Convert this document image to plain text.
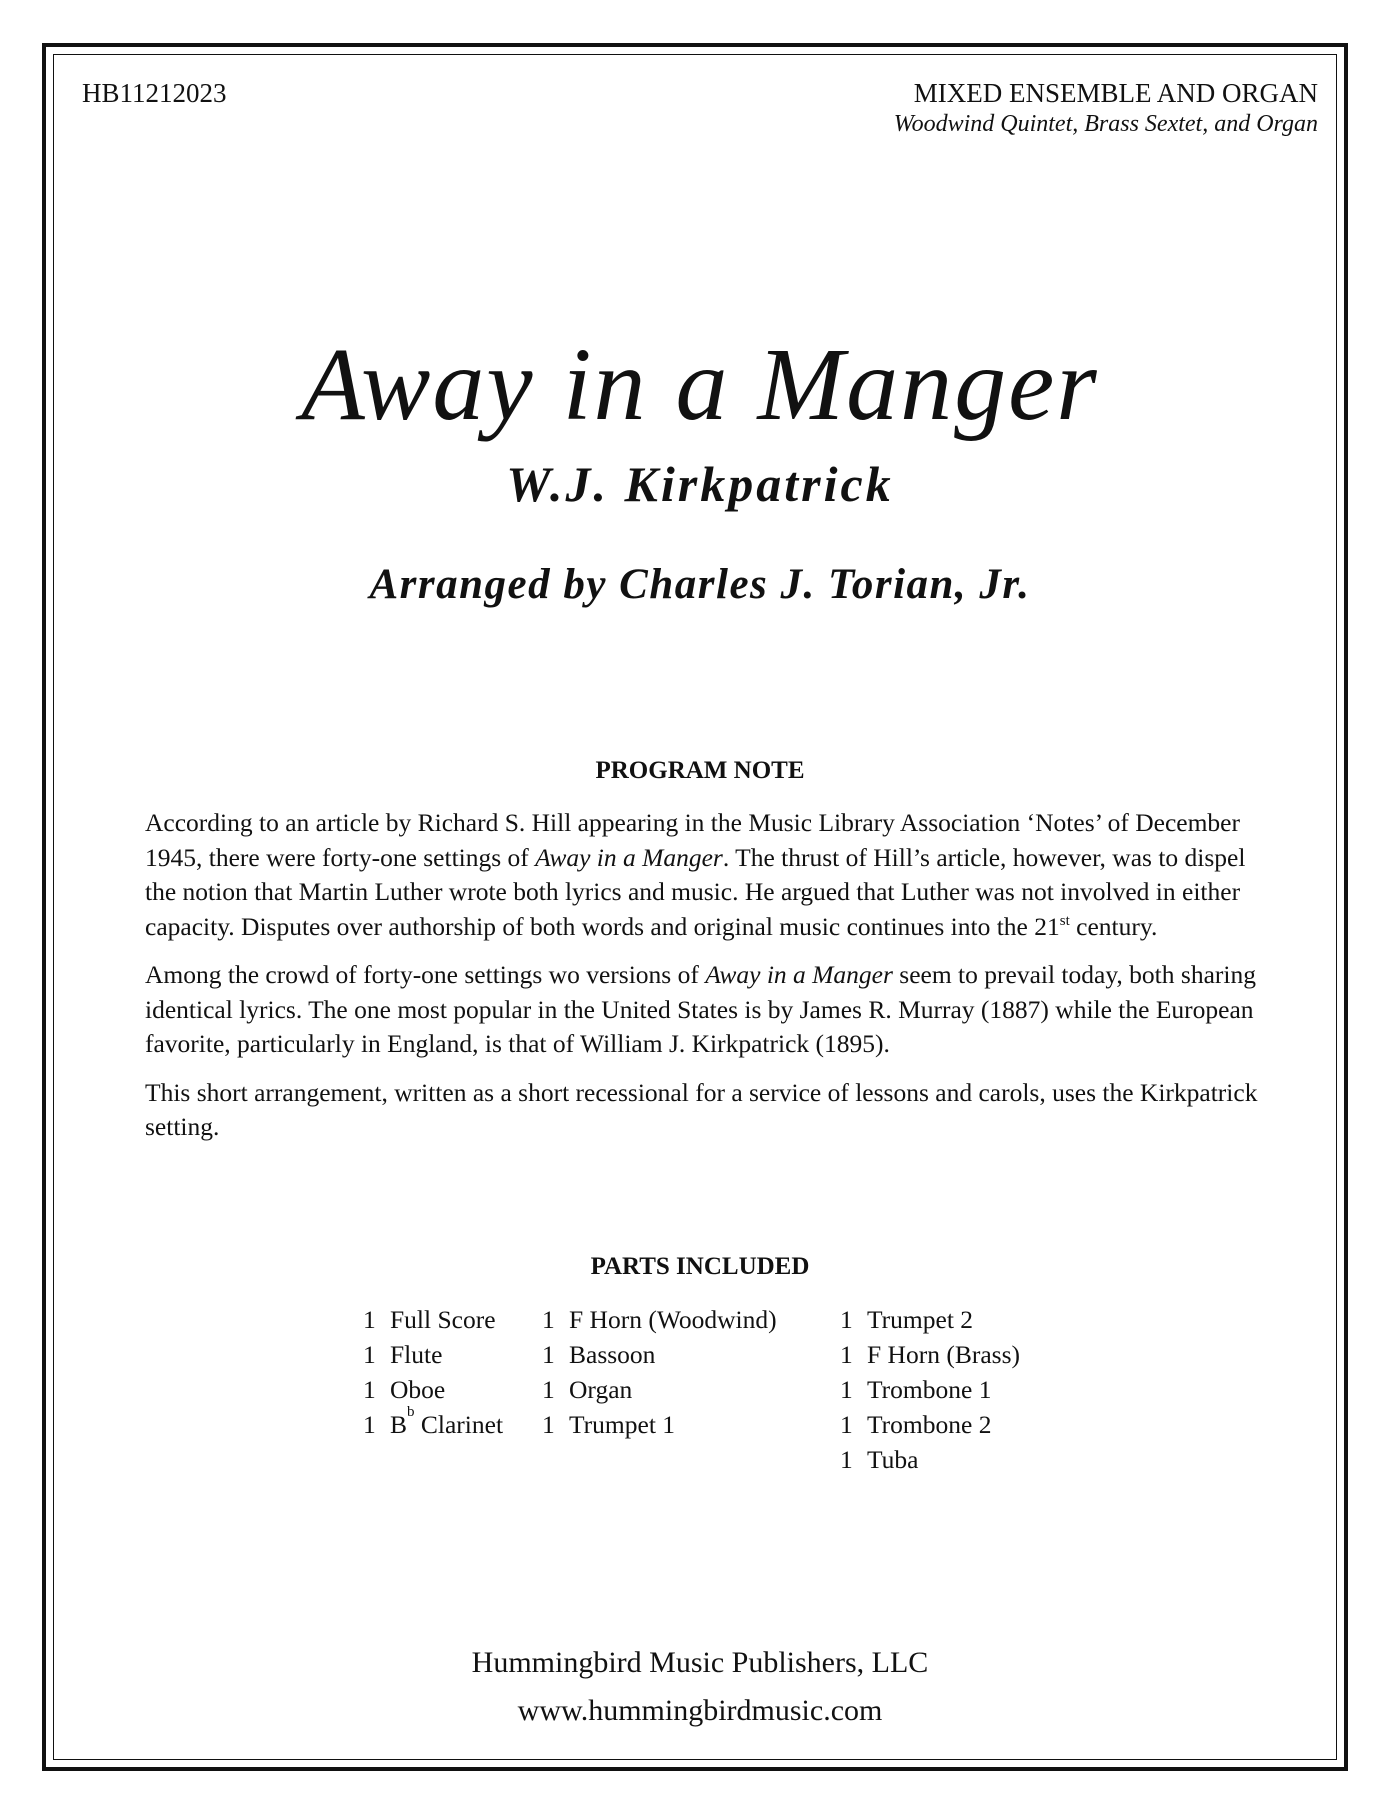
HB11212023	MIXED ENSEMBLE AND ORGAN
Woodwind Quintet, Brass Sextet, and Organ
Away in a Manger
W.J. Kirkpatrick
Arranged by Charles J. Torian, Jr.
PROGRAM NOTE

According to an article by Richard S. Hill appearing in the Music Library Association ‘Notes’ of December 1945, there were forty-one settings of Away in a Manger. The thrust of Hill’s article, however, was to dispel the notion that Martin Luther wrote both lyrics and music. He argued that Luther was not involved in either capacity. Disputes over authorship of both words and original music continues into the 21st century.

Among the crowd of forty-one settings wo versions of Away in a Manger seem to prevail today, both sharing identical lyrics. The one most popular in the United States is by James R. Murray (1887) while the European favorite, particularly in England, is that of William J. Kirkpatrick (1895).

This short arrangement, written as a short recessional for a service of lessons and carols, uses the Kirkpatrick setting.

PARTS INCLUDED
1 Full Score
1 Flute
1 Oboe
1 $B^b$ Clarinet
1 F Horn (Woodwind)
1 Bassoon
1 Organ
1 Trumpet 1
1 Trumpet 2
1 F Horn (Brass)
1 Trombone 1
1 Trombone 2
1 Tuba
Hummingbird Music Publishers, LLC
www.hummingbirdmusic.com
